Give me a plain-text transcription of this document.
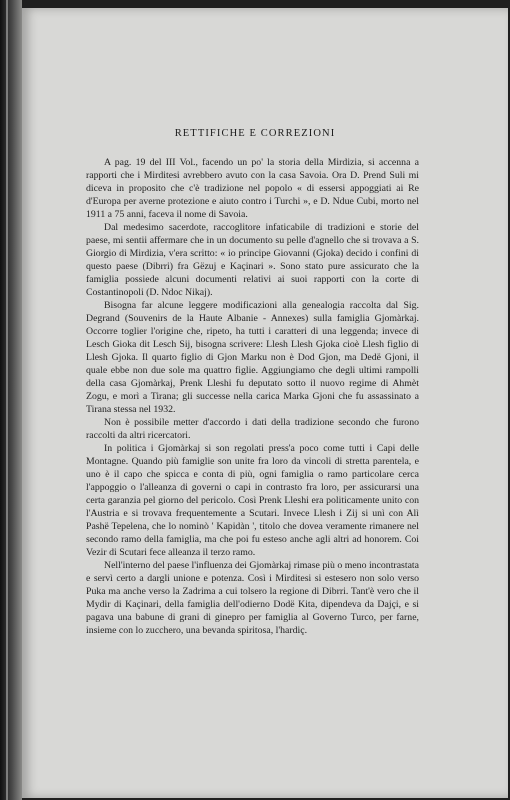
RETTIFICHE E CORREZIONI

A pag. 19 del III Vol., facendo un po' la storia della Mirdizia, si accenna a rapporti che i Mirditesi avrebbero avuto con la casa Savoia. Ora D. Prend Suli mi diceva in proposito che c'è tradizione nel popolo « di essersi appoggiati ai Re d'Europa per averne protezione e aiuto contro i Turchi », e D. Ndue Cubi, morto nel 1911 a 75 anni, faceva il nome di Savoia.

Dal medesimo sacerdote, raccoglitore infaticabile di tradizioni e storie del paese, mi sentii affermare che in un documento su pelle d'agnello che si trovava a S. Giorgio di Mirdizia, v'era scritto: « io principe Giovanni (Gjoka) decido i confini di questo paese (Dibrri) fra Gëzuj e Kaçinari ». Sono stato pure assicurato che la famiglia possiede alcuni documenti relativi ai suoi rapporti con la corte di Costantinopoli (D. Ndoc Nikaj).

Bisogna far alcune leggere modificazioni alla genealogia raccolta dal Sig. Degrand (Souvenirs de la Haute Albanie - Annexes) sulla famiglia Gjomàrkaj. Occorre toglier l'origine che, ripeto, ha tutti i caratteri di una leggenda; invece di Lesch Gioka dit Lesch Sij, bisogna scrivere: Llesh Llesh Gjoka cioè Llesh figlio di Llesh Gjoka. Il quarto figlio di Gjon Marku non è Dod Gjon, ma Dedë Gjoni, il quale ebbe non due sole ma quattro figlie. Aggiungiamo che degli ultimi rampolli della casa Gjomàrkaj, Prenk Lleshi fu deputato sotto il nuovo regime di Ahmèt Zogu, e morì a Tirana; gli successe nella carica Marka Gjoni che fu assassinato a Tirana stessa nel 1932.

Non è possibile metter d'accordo i dati della tradizione secondo che furono raccolti da altri ricercatori.

In politica i Gjomàrkaj si son regolati press'a poco come tutti i Capi delle Montagne. Quando più famiglie son unite fra loro da vincoli di stretta parentela, e uno è il capo che spicca e conta di più, ogni famiglia o ramo particolare cerca l'appoggio o l'alleanza di governi o capi in contrasto fra loro, per assicurarsi una certa garanzia pel giorno del pericolo. Così Prenk Lleshi era politicamente unito con l'Austria e si trovava frequentemente a Scutari. Invece Llesh i Zij si unì con Alì Pashë Tepelena, che lo nominò ' Kapidàn ', titolo che dovea veramente rimanere nel secondo ramo della famiglia, ma che poi fu esteso anche agli altri ad honorem. Coi Vezir di Scutari fece alleanza il terzo ramo.

Nell'interno del paese l'influenza dei Gjomàrkaj rimase più o meno incontrastata e servì certo a dargli unione e potenza. Così i Mirditesi si estesero non solo verso Puka ma anche verso la Zadrima a cui tolsero la regione di Dibrri. Tant'è vero che il Mydir di Kaçinari, della famiglia dell'odierno Dodë Kita, dipendeva da Dajçi, e si pagava una babune di grani di ginepro per famiglia al Governo Turco, per farne, insieme con lo zucchero, una bevanda spiritosa, l'hardiç.
